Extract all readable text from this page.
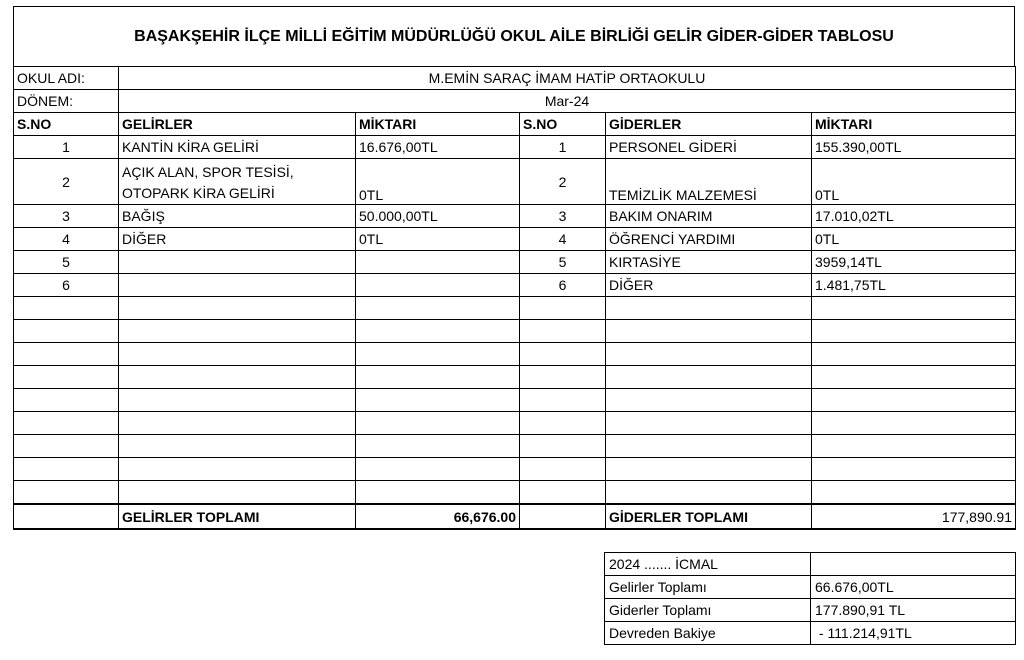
BAŞAKŞEHİR İLÇE MİLLİ EĞİTİM MÜDÜRLÜĞÜ OKUL AİLE BİRLİĞİ GELİR GİDER-GİDER TABLOSU
OKUL ADI:	M.EMİN SARAÇ İMAM HATİP ORTAOKULU				
DÖNEM:	Mar-24				
S.NO	GELİRLER	MİKTARI	S.NO	GİDERLER	MİKTARI
1	KANTİN KİRA GELİRİ	16.676,00TL	1	PERSONEL GİDERİ	155.390,00TL
2	AÇIK ALAN, SPOR TESİSİ, OTOPARK KİRA GELİRİ	0TL	2	TEMİZLİK MALZEMESİ	0TL
3	BAĞIŞ	50.000,00TL	3	BAKIM ONARIM	17.010,02TL
4	DİĞER	0TL	4	ÖĞRENCİ YARDIMI	0TL
5			5	KIRTASİYE	3959,14TL
6			6	DİĞER	1.481,75TL

	GELİRLER TOPLAMI	66,676.00		GİDERLER TOPLAMI	177,890.91
2024 ....... İCMAL	
Gelirler Toplamı	66.676,00TL
Giderler Toplamı	177.890,91 TL
Devreden Bakiye	- 111.214,91TL
